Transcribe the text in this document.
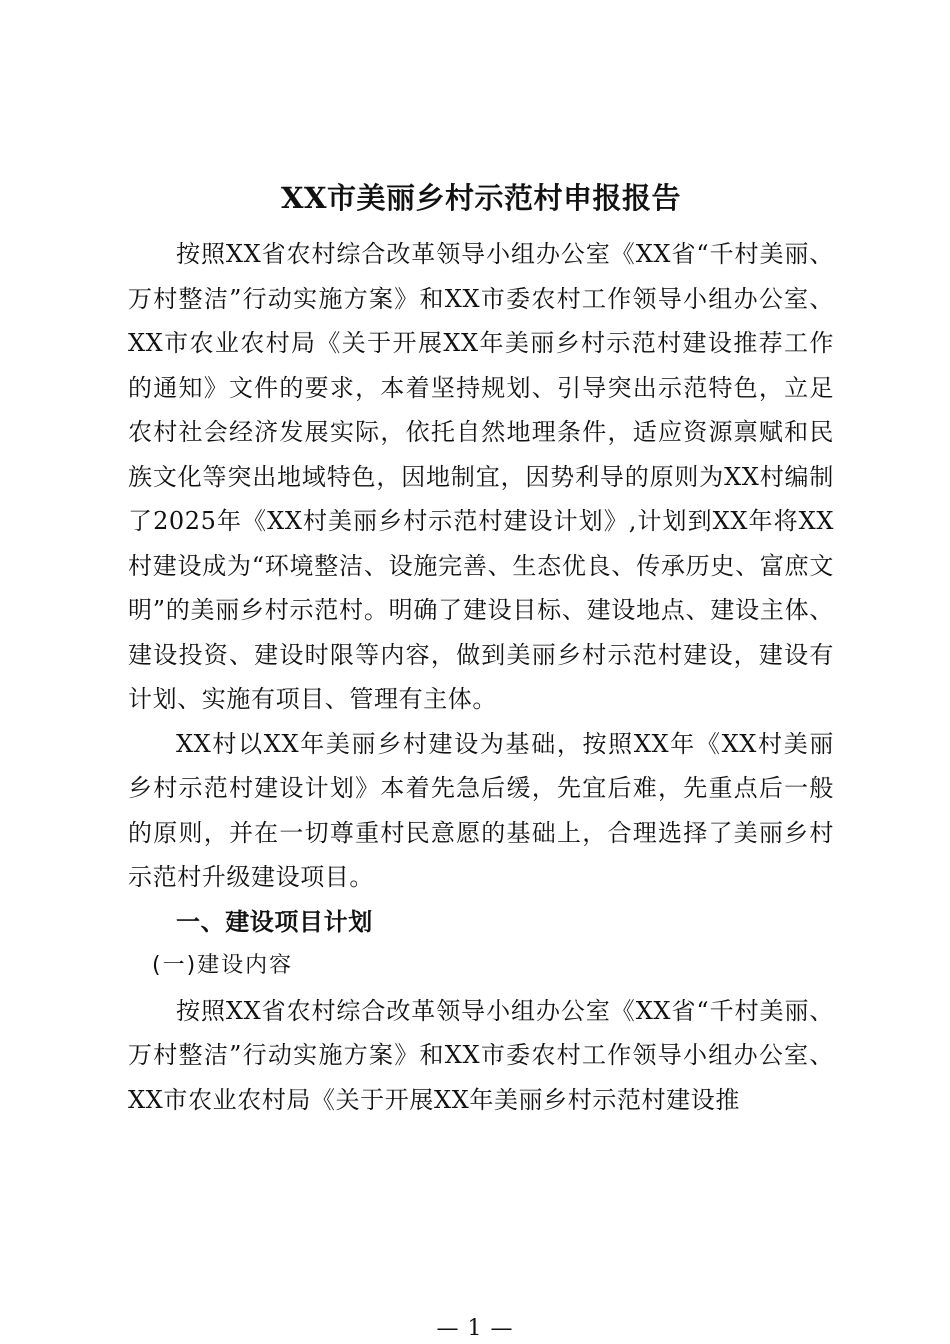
XX市美丽乡村示范村申报报告

按照XX省农村综合改革领导小组办公室《XX省“千村美丽、万村整洁”行动实施方案》和XX市委农村工作领导小组办公室、XX市农业农村局《关于开展XX年美丽乡村示范村建设推荐工作的通知》文件的要求，本着坚持规划、引导突出示范特色，立足农村社会经济发展实际，依托自然地理条件，适应资源禀赋和民族文化等突出地域特色，因地制宜，因势利导的原则为XX村编制了2025年《XX村美丽乡村示范村建设计划》,计划到XX年将XX村建设成为“环境整洁、设施完善、生态优良、传承历史、富庶文明”的美丽乡村示范村。明确了建设目标、建设地点、建设主体、建设投资、建设时限等内容，做到美丽乡村示范村建设，建设有计划、实施有项目、管理有主体。

XX村以XX年美丽乡村建设为基础，按照XX年《XX村美丽乡村示范村建设计划》本着先急后缓，先宜后难，先重点后一般的原则，并在一切尊重村民意愿的基础上，合理选择了美丽乡村示范村升级建设项目。

一、建设项目计划

(一)建设内容

按照XX省农村综合改革领导小组办公室《XX省“千村美丽、万村整洁”行动实施方案》和XX市委农村工作领导小组办公室、XX市农业农村局《关于开展XX年美丽乡村示范村建设推

— 1 —
